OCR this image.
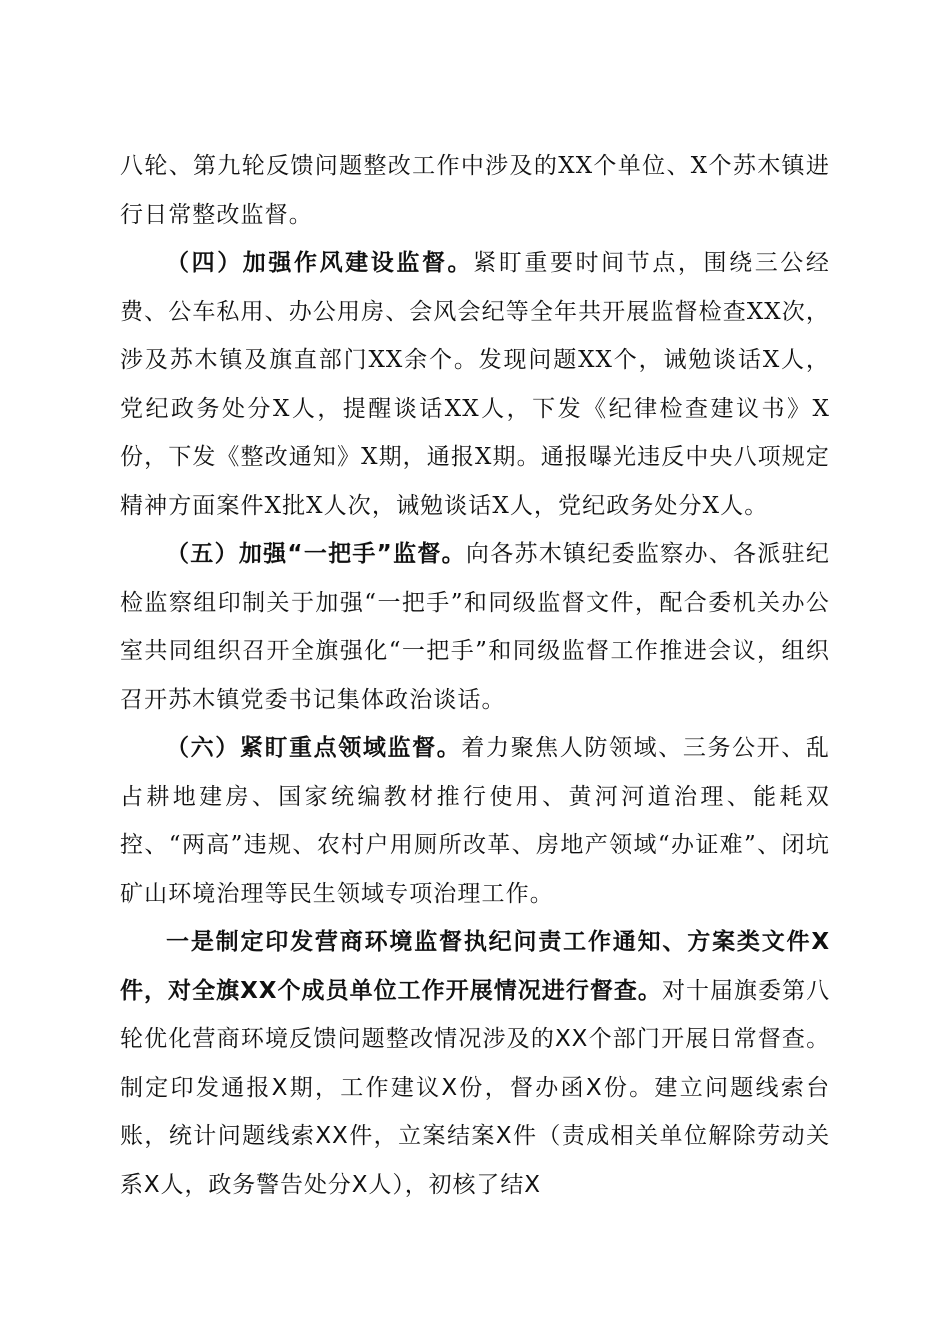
八轮、第九轮反馈问题整改工作中涉及的XX个单位、X个苏木镇进行日常整改监督。

（四）加强作风建设监督。紧盯重要时间节点，围绕三公经费、公车私用、办公用房、会风会纪等全年共开展监督检查XX次，涉及苏木镇及旗直部门XX余个。发现问题XX个，诫勉谈话X人，党纪政务处分X人，提醒谈话XX人，下发《纪律检查建议书》X份，下发《整改通知》X期，通报X期。通报曝光违反中央八项规定精神方面案件X批X人次，诫勉谈话X人，党纪政务处分X人。

（五）加强“一把手”监督。向各苏木镇纪委监察办、各派驻纪检监察组印制关于加强“一把手”和同级监督文件，配合委机关办公室共同组织召开全旗强化“一把手”和同级监督工作推进会议，组织召开苏木镇党委书记集体政治谈话。

（六）紧盯重点领域监督。着力聚焦人防领域、三务公开、乱占耕地建房、国家统编教材推行使用、黄河河道治理、能耗双控、“两高”违规、农村户用厕所改革、房地产领域“办证难”、闭坑矿山环境治理等民生领域专项治理工作。

一是制定印发营商环境监督执纪问责工作通知、方案类文件X件，对全旗XX个成员单位工作开展情况进行督查。对十届旗委第八轮优化营商环境反馈问题整改情况涉及的XX个部门开展日常督查。制定印发通报X期，工作建议X份，督办函X份。建立问题线索台账，统计问题线索XX件，立案结案X件（责成相关单位解除劳动关系X人，政务警告处分X人），初核了结X
